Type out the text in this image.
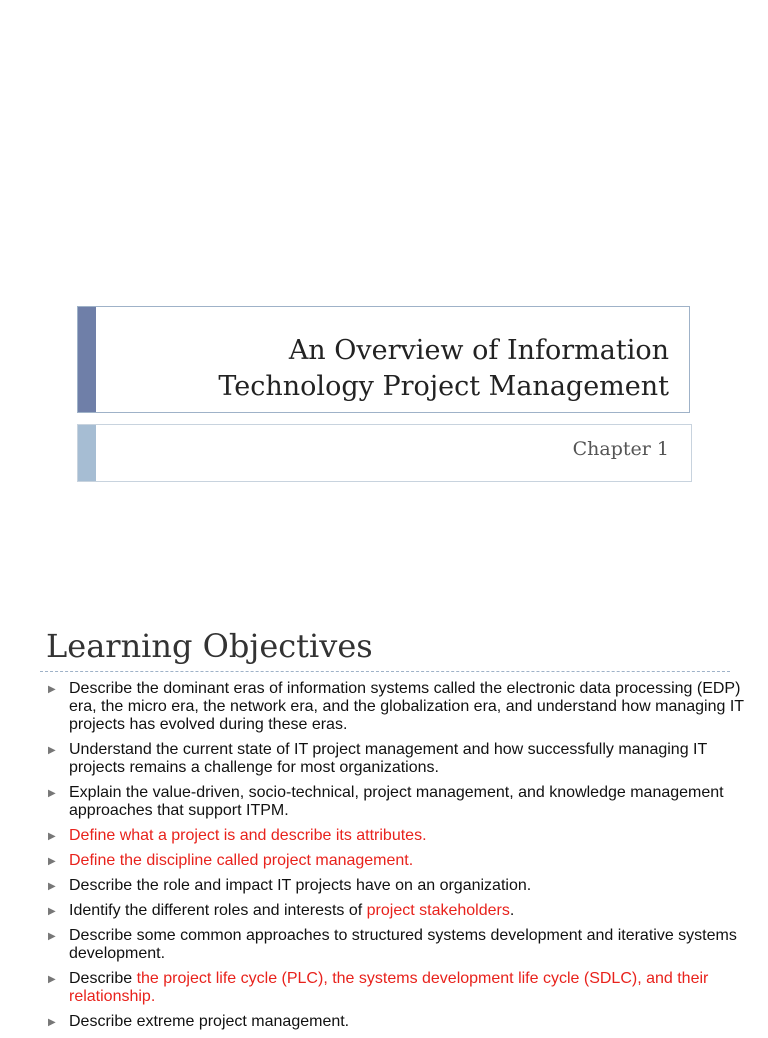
An Overview of Information Technology Project Management
Chapter 1
Learning Objectives
▶ Describe the dominant eras of information systems called the electronic data processing (EDP) era, the micro era, the network era, and the globalization era, and understand how managing IT projects has evolved during these eras.
▶ Understand the current state of IT project management and how successfully managing IT projects remains a challenge for most organizations.
▶ Explain the value-driven, socio-technical, project management, and knowledge management approaches that support ITPM.
▶ Define what a project is and describe its attributes.
▶ Define the discipline called project management.
▶ Describe the role and impact IT projects have on an organization.
▶ Identify the different roles and interests of project stakeholders.
▶ Describe some common approaches to structured systems development and iterative systems development.
▶ Describe the project life cycle (PLC), the systems development life cycle (SDLC), and their relationship.
▶ Describe extreme project management.
